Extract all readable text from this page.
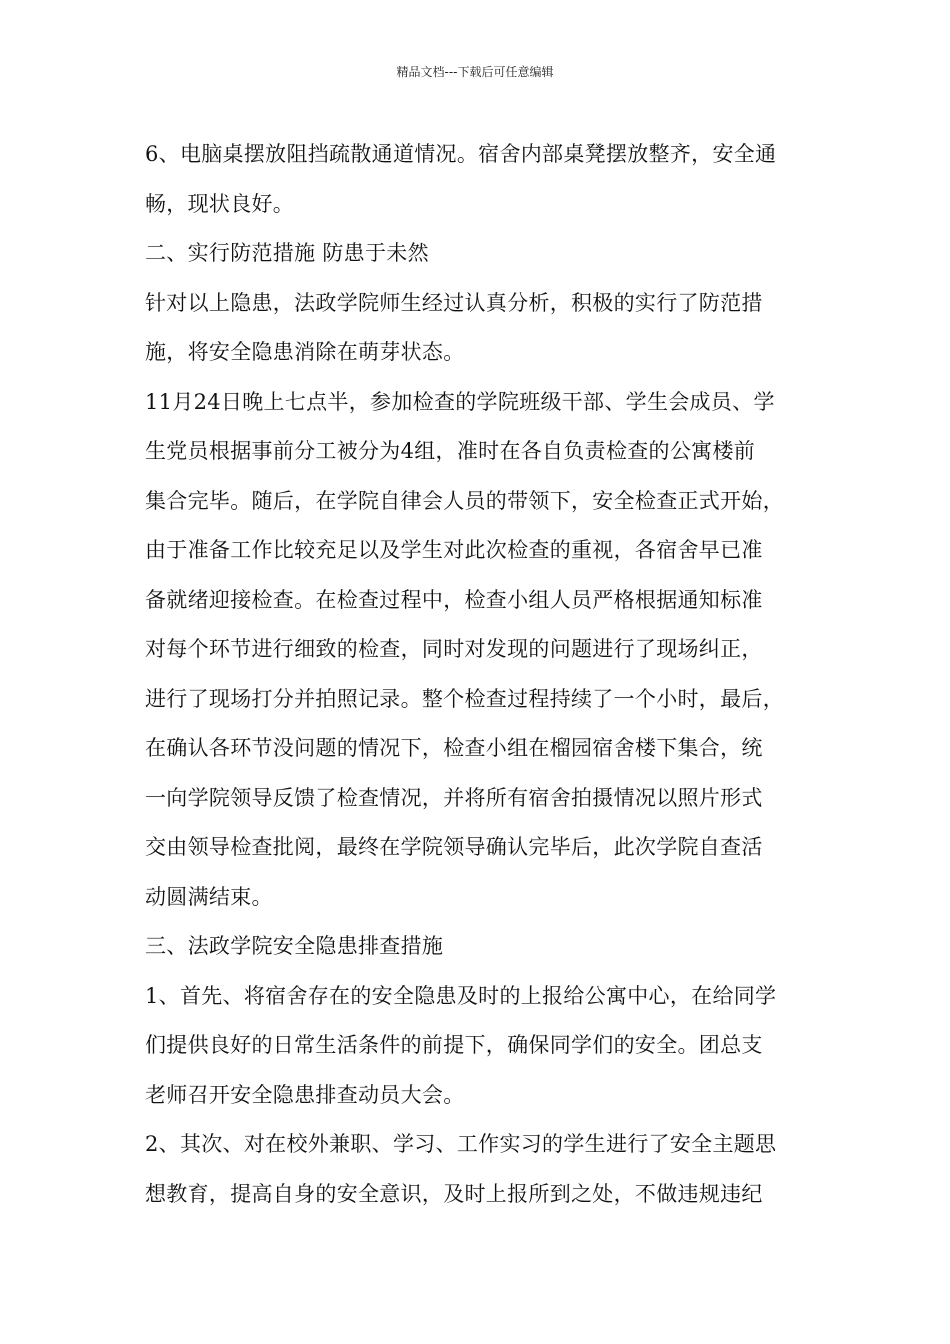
精品文档---下载后可任意编辑
6、电脑桌摆放阻挡疏散通道情况。宿舍内部桌凳摆放整齐，安全通
畅，现状良好。
二、实行防范措施 防患于未然
针对以上隐患，法政学院师生经过认真分析，积极的实行了防范措
施，将安全隐患消除在萌芽状态。
11月24日晚上七点半，参加检查的学院班级干部、学生会成员、学
生党员根据事前分工被分为4组，准时在各自负责检查的公寓楼前
集合完毕。随后，在学院自律会人员的带领下，安全检查正式开始，
由于准备工作比较充足以及学生对此次检查的重视，各宿舍早已准
备就绪迎接检查。在检查过程中，检查小组人员严格根据通知标准
对每个环节进行细致的检查，同时对发现的问题进行了现场纠正，
进行了现场打分并拍照记录。整个检查过程持续了一个小时，最后，
在确认各环节没问题的情况下，检查小组在榴园宿舍楼下集合，统
一向学院领导反馈了检查情况，并将所有宿舍拍摄情况以照片形式
交由领导检查批阅，最终在学院领导确认完毕后，此次学院自查活
动圆满结束。
三、法政学院安全隐患排查措施
1、首先、将宿舍存在的安全隐患及时的上报给公寓中心，在给同学
们提供良好的日常生活条件的前提下，确保同学们的安全。团总支
老师召开安全隐患排查动员大会。
2、其次、对在校外兼职、学习、工作实习的学生进行了安全主题思
想教育，提高自身的安全意识，及时上报所到之处，不做违规违纪
